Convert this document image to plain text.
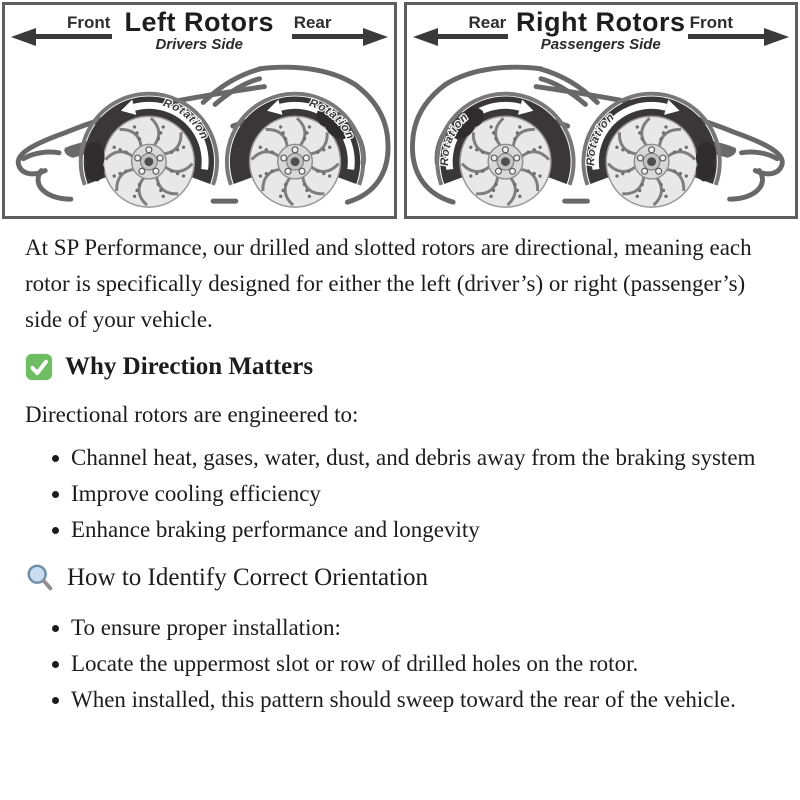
Front Left Rotors
Drivers Side
Rear
Rotation
Rotation
Rear Right Rotors
Passengers Side
Front
Rotation
Rotation

At SP Performance, our drilled and slotted rotors are directional, meaning each rotor is specifically designed for either the left (driver’s) or right (passenger’s) side of your vehicle.

Why Direction Matters

Directional rotors are engineered to:

Channel heat, gases, water, dust, and debris away from the braking system
Improve cooling efficiency
Enhance braking performance and longevity
How to Identify Correct Orientation
To ensure proper installation:
Locate the uppermost slot or row of drilled holes on the rotor.
When installed, this pattern should sweep toward the rear of the vehicle.
